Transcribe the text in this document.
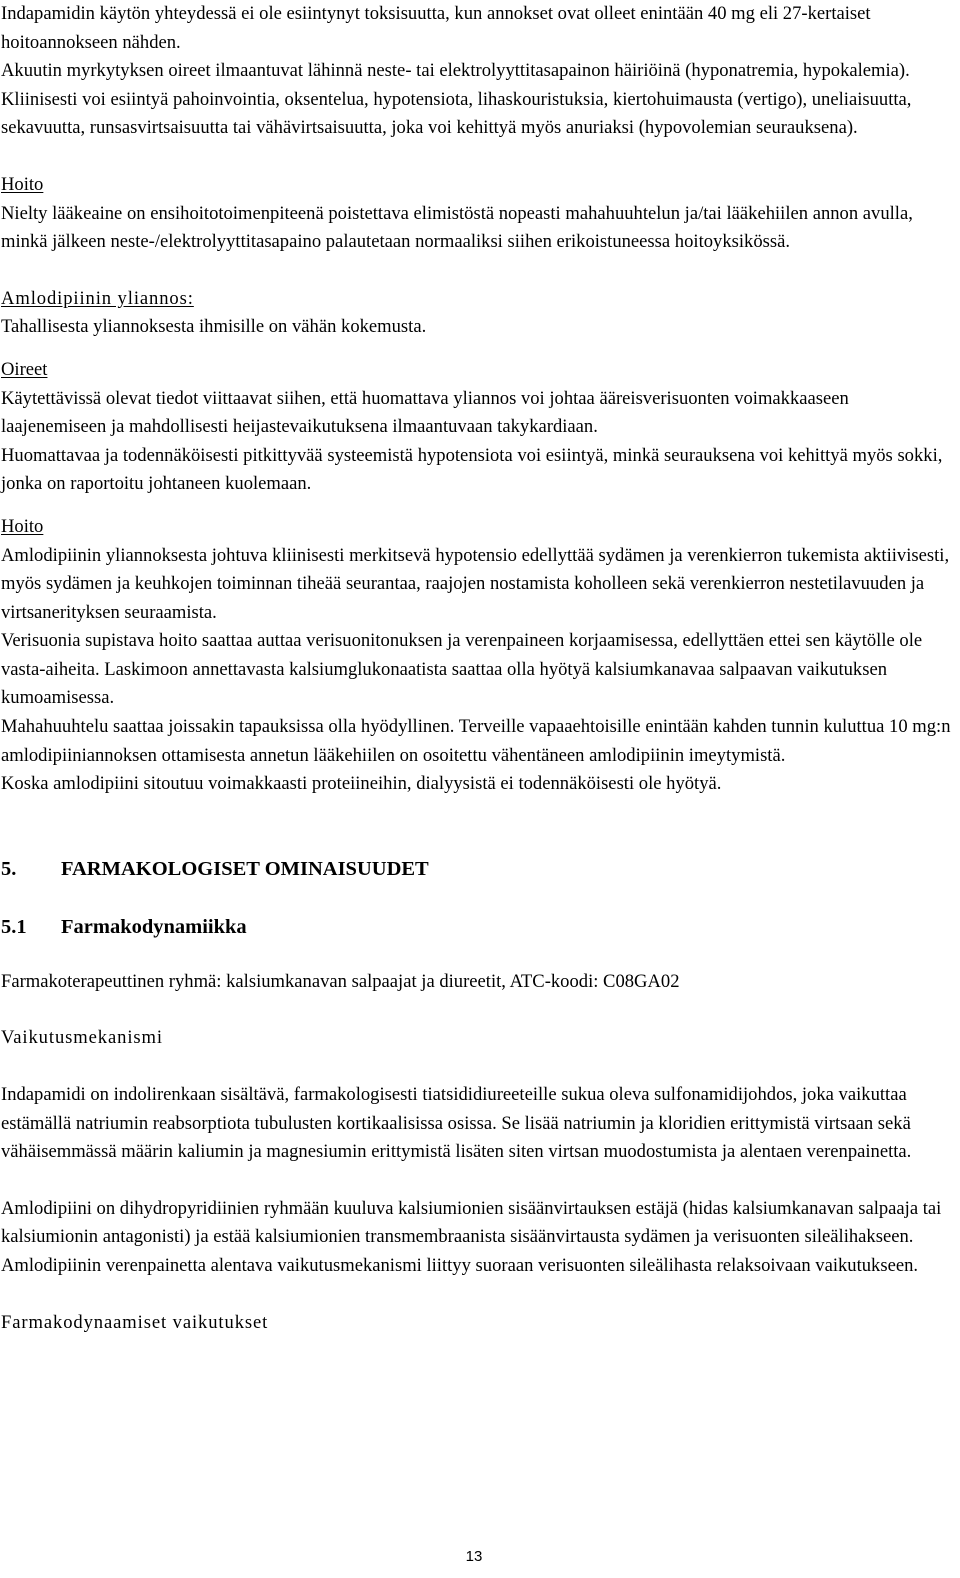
Indapamidin käytön yhteydessä ei ole esiintynyt toksisuutta, kun annokset ovat olleet enintään 40 mg eli 27-kertaiset hoitoannokseen nähden.

Akuutin myrkytyksen oireet ilmaantuvat lähinnä neste- tai elektrolyyttitasapainon häiriöinä (hyponatremia, hypokalemia). Kliinisesti voi esiintyä pahoinvointia, oksentelua, hypotensiota, lihaskouristuksia, kiertohuimausta (vertigo), uneliaisuutta, sekavuutta, runsasvirtsaisuutta tai vähävirtsaisuutta, joka voi kehittyä myös anuriaksi (hypovolemian seurauksena).

Hoito

Nielty lääkeaine on ensihoitotoimenpiteenä poistettava elimistöstä nopeasti mahahuuhtelun ja/tai lääkehiilen annon avulla, minkä jälkeen neste-/elektrolyyttitasapaino palautetaan normaaliksi siihen erikoistuneessa hoitoyksikössä.

Amlodipiinin yliannos:

Tahallisesta yliannoksesta ihmisille on vähän kokemusta.

Oireet

Käytettävissä olevat tiedot viittaavat siihen, että huomattava yliannos voi johtaa ääreisverisuonten voimakkaaseen laajenemiseen ja mahdollisesti heijastevaikutuksena ilmaantuvaan takykardiaan.

Huomattavaa ja todennäköisesti pitkittyvää systeemistä hypotensiota voi esiintyä, minkä seurauksena voi kehittyä myös sokki, jonka on raportoitu johtaneen kuolemaan.

Hoito

Amlodipiinin yliannoksesta johtuva kliinisesti merkitsevä hypotensio edellyttää sydämen ja verenkierron tukemista aktiivisesti, myös sydämen ja keuhkojen toiminnan tiheää seurantaa, raajojen nostamista koholleen sekä verenkierron nestetilavuuden ja virtsanerityksen seuraamista.

Verisuonia supistava hoito saattaa auttaa verisuonitonuksen ja verenpaineen korjaamisessa, edellyttäen ettei sen käytölle ole vasta-aiheita. Laskimoon annettavasta kalsiumglukonaatista saattaa olla hyötyä kalsiumkanavaa salpaavan vaikutuksen kumoamisessa.

Mahahuuhtelu saattaa joissakin tapauksissa olla hyödyllinen. Terveille vapaaehtoisille enintään kahden tunnin kuluttua 10 mg:n amlodipiiniannoksen ottamisesta annetun lääkehiilen on osoitettu vähentäneen amlodipiinin imeytymistä.

Koska amlodipiini sitoutuu voimakkaasti proteiineihin, dialyysistä ei todennäköisesti ole hyötyä.

5.	FARMAKOLOGISET OMINAISUUDET
5.1	Farmakodynamiikka

Farmakoterapeuttinen ryhmä: kalsiumkanavan salpaajat ja diureetit, ATC-koodi: C08GA02

Vaikutusmekanismi

Indapamidi on indolirenkaan sisältävä, farmakologisesti tiatsididiureeteille sukua oleva sulfonamidijohdos, joka vaikuttaa estämällä natriumin reabsorptiota tubulusten kortikaalisissa osissa. Se lisää natriumin ja kloridien erittymistä virtsaan sekä vähäisemmässä määrin kaliumin ja magnesiumin erittymistä lisäten siten virtsan muodostumista ja alentaen verenpainetta.

Amlodipiini on dihydropyridiinien ryhmään kuuluva kalsiumionien sisäänvirtauksen estäjä (hidas kalsiumkanavan salpaaja tai kalsiumionin antagonisti) ja estää kalsiumionien transmembraanista sisäänvirtausta sydämen ja verisuonten sileälihakseen.

Amlodipiinin verenpainetta alentava vaikutusmekanismi liittyy suoraan verisuonten sileälihasta relaksoivaan vaikutukseen.

Farmakodynaamiset vaikutukset

13
